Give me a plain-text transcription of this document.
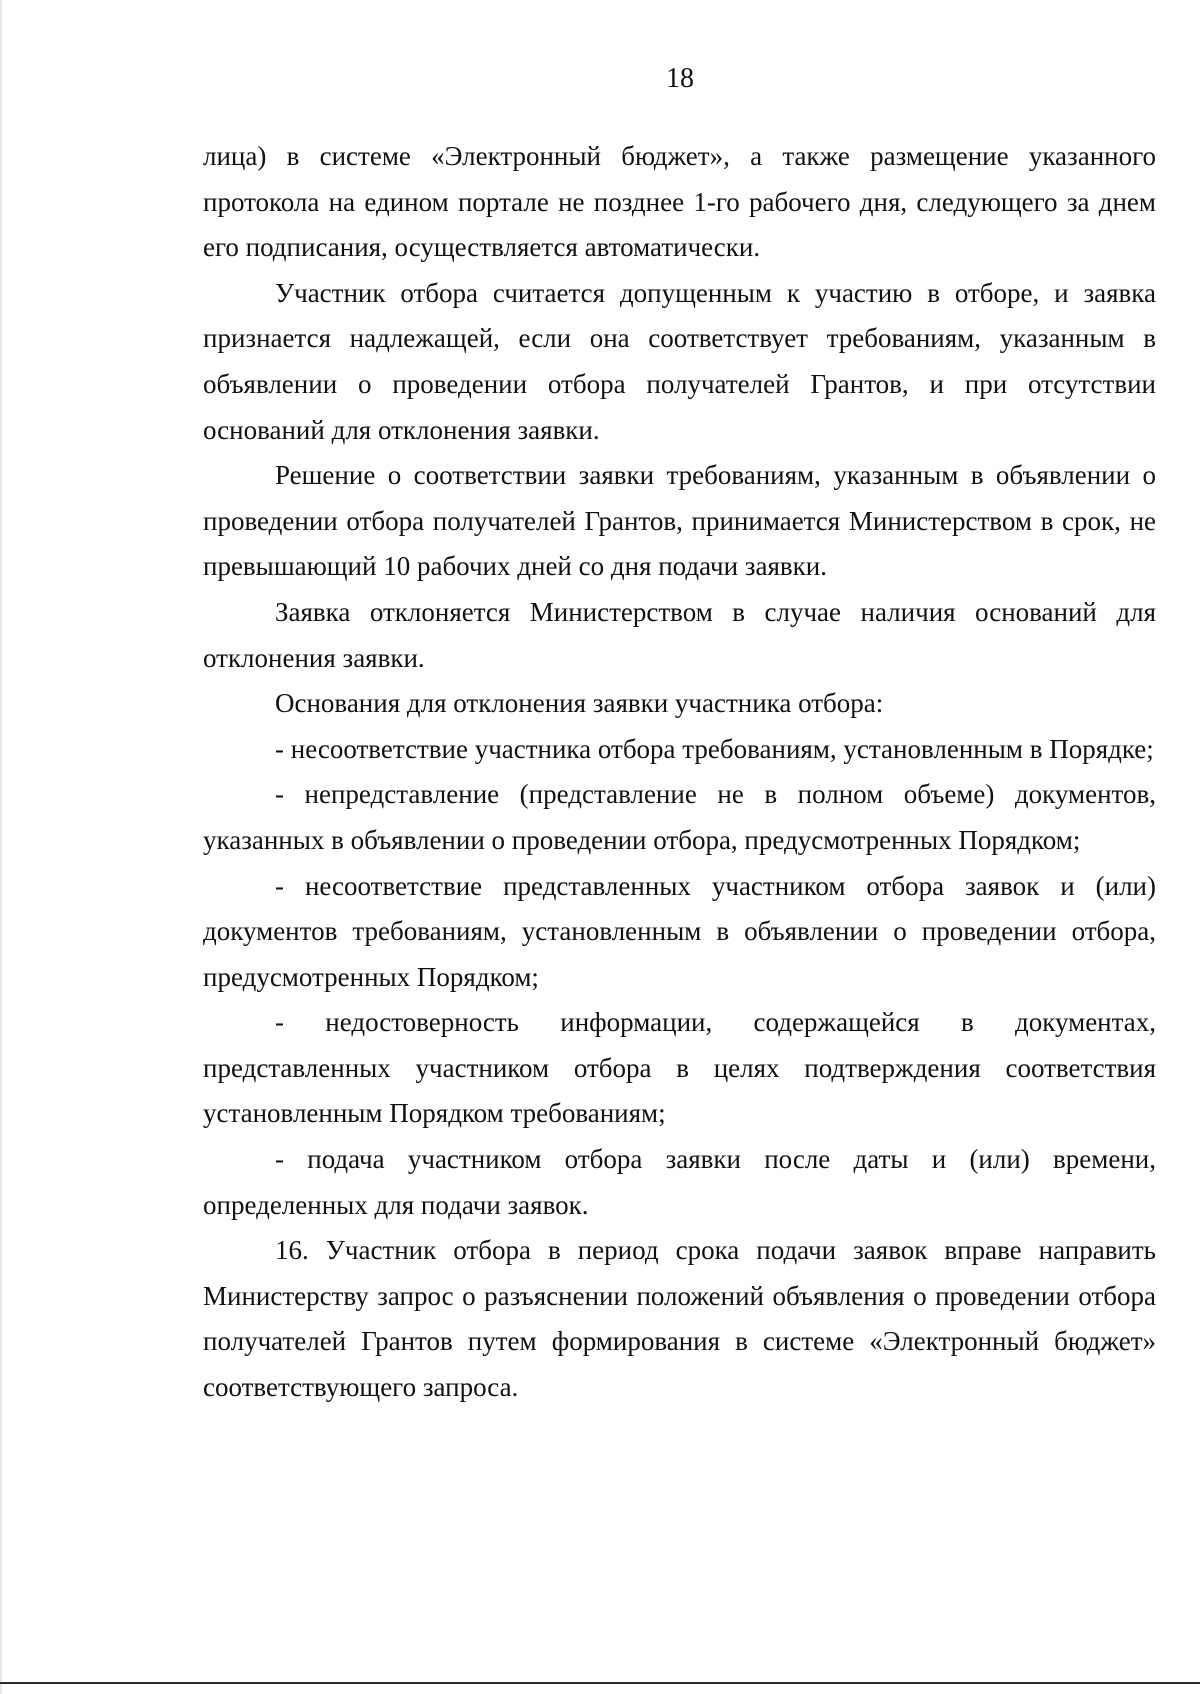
18

лица) в системе «Электронный бюджет», а также размещение указанного протокола на едином портале не позднее 1-го рабочего дня, следующего за днем его подписания, осуществляется автоматически.

Участник отбора считается допущенным к участию в отборе, и заявка признается надлежащей, если она соответствует требованиям, указанным в объявлении о проведении отбора получателей Грантов, и при отсутствии оснований для отклонения заявки.

Решение о соответствии заявки требованиям, указанным в объявлении о проведении отбора получателей Грантов, принимается Министерством в срок, не превышающий 10 рабочих дней со дня подачи заявки.

Заявка отклоняется Министерством в случае наличия оснований для отклонения заявки.

Основания для отклонения заявки участника отбора:

- несоответствие участника отбора требованиям, установленным в Порядке;

- непредставление (представление не в полном объеме) документов, указанных в объявлении о проведении отбора, предусмотренных Порядком;

- несоответствие представленных участником отбора заявок и (или) документов требованиям, установленным в объявлении о проведении отбора, предусмотренных Порядком;

- недостоверность информации, содержащейся в документах, представленных участником отбора в целях подтверждения соответствия установленным Порядком требованиям;

- подача участником отбора заявки после даты и (или) времени, определенных для подачи заявок.

16. Участник отбора в период срока подачи заявок вправе направить Министерству запрос о разъяснении положений объявления о проведении отбора получателей Грантов путем формирования в системе «Электронный бюджет» соответствующего запроса.
